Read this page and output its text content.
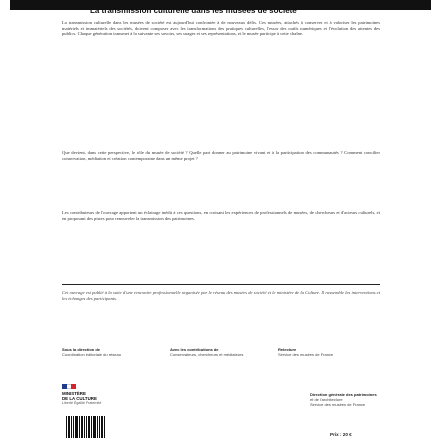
La transmission culturelle dans les musées de société
La transmission culturelle dans les musées de société est aujourd'hui confrontée à de nouveaux défis. Ces musées, attachés à conserver et à valoriser les patrimoines matériels et immatériels des sociétés, doivent composer avec les transformations des pratiques culturelles, l'essor des outils numériques et l'évolution des attentes des publics. Chaque génération transmet à la suivante ses savoirs, ses usages et ses représentations, et le musée participe à cette chaîne.
Que devient, dans cette perspective, le rôle du musée de société ? Quelle part donner au patrimoine vivant et à la participation des communautés ? Comment concilier conservation, médiation et création contemporaine dans un même projet ?
Les contributeurs de l'ouvrage apportent un éclairage inédit à ces questions, en croisant les expériences de professionnels de musées, de chercheurs et d'acteurs culturels, et en proposant des pistes pour renouveler la transmission des patrimoines.
Cet ouvrage est publié à la suite d'une rencontre professionnelle organisée par le réseau des musées de société et le ministère de la Culture. Il rassemble les interventions et les échanges des participants.
Sous la direction de
Coordination éditoriale du réseau
Avec les contributions de
Conservateurs, chercheurs et médiateurs
Relecture
Service des musées de France
MINISTÈRE
DE LA CULTURE
Liberté Égalité Fraternité
Direction générale des patrimoines
et de l'architecture
Service des musées de France
Prix : 20 €
